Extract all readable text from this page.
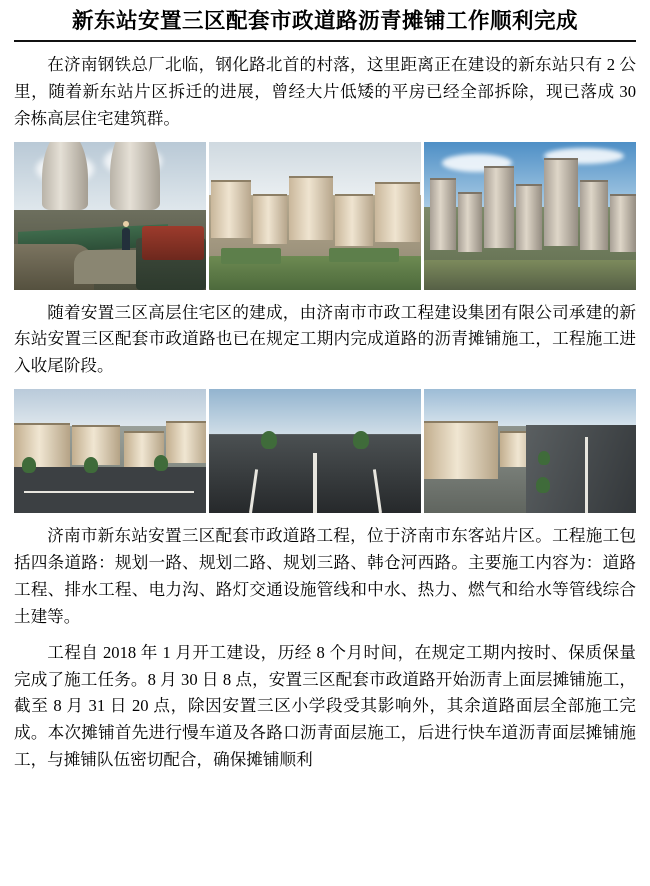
新东站安置三区配套市政道路沥青摊铺工作顺利完成

在济南钢铁总厂北临，钢化路北首的村落，这里距离正在建设的新东站只有 2 公里，随着新东站片区拆迁的进展，曾经大片低矮的平房已经全部拆除，现已落成 30 余栋高层住宅建筑群。

随着安置三区高层住宅区的建成，由济南市市政工程建设集团有限公司承建的新东站安置三区配套市政道路也已在规定工期内完成道路的沥青摊铺施工，工程施工进入收尾阶段。

济南市新东站安置三区配套市政道路工程，位于济南市东客站片区。工程施工包括四条道路：规划一路、规划二路、规划三路、韩仓河西路。主要施工内容为：道路工程、排水工程、电力沟、路灯交通设施管线和中水、热力、燃气和给水等管线综合土建等。

工程自 2018 年 1 月开工建设，历经 8 个月时间，在规定工期内按时、保质保量完成了施工任务。8 月 30 日 8 点，安置三区配套市政道路开始沥青上面层摊铺施工，截至 8 月 31 日 20 点，除因安置三区小学段受其影响外，其余道路面层全部施工完成。本次摊铺首先进行慢车道及各路口沥青面层施工，后进行快车道沥青面层摊铺施工，与摊铺队伍密切配合，确保摊铺顺利
